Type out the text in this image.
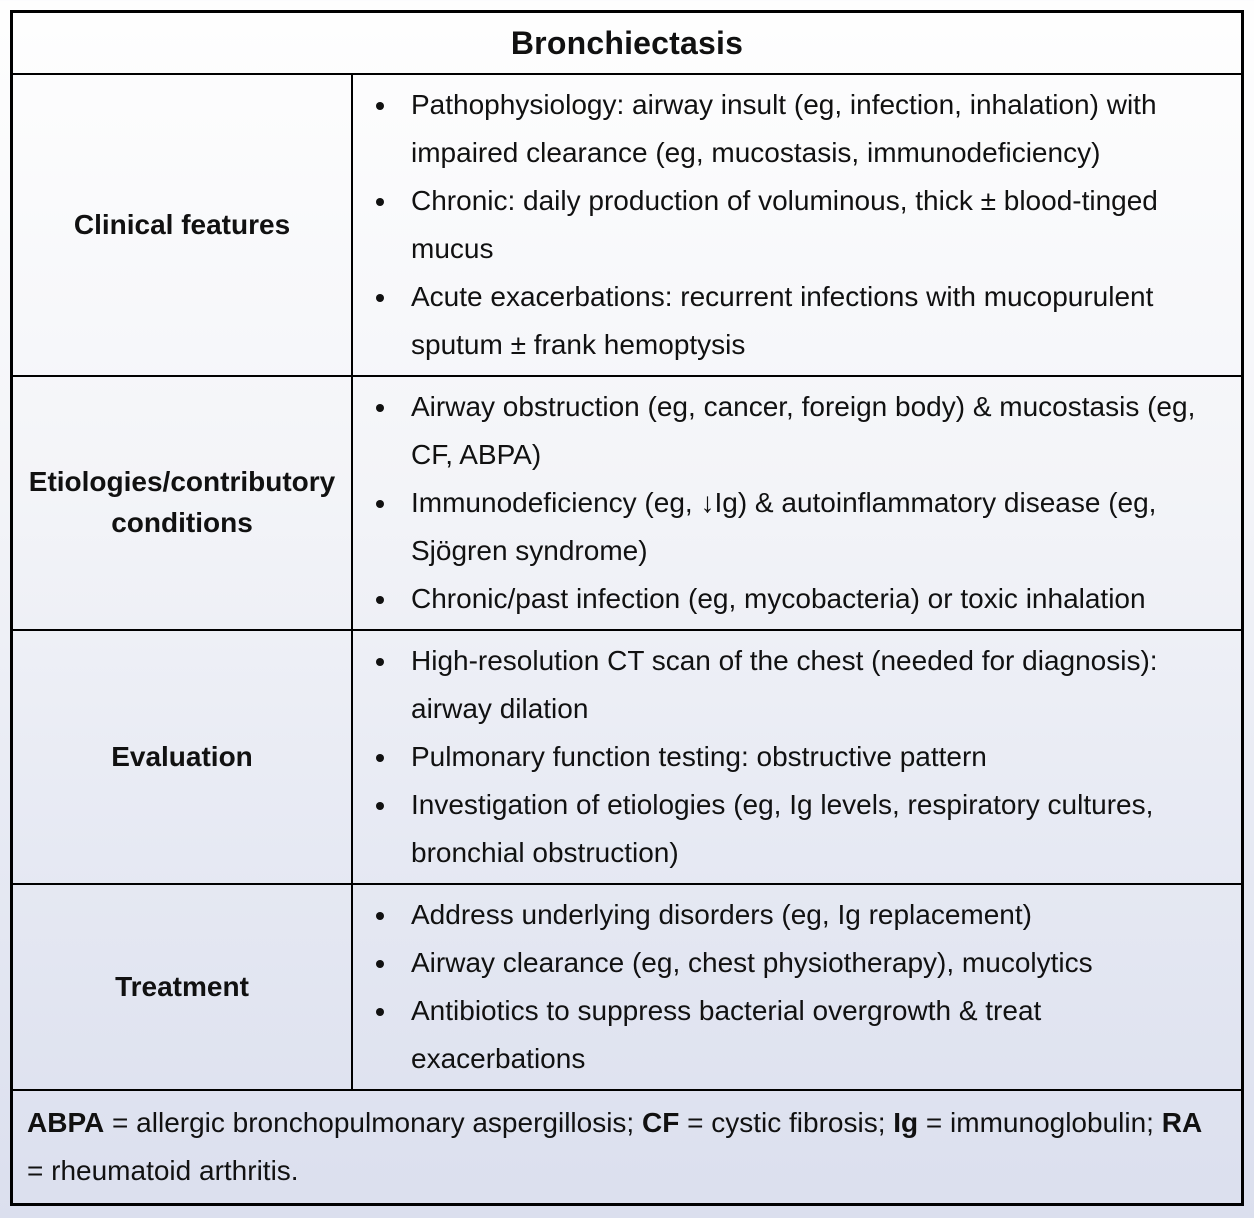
Bronchiectasis
Clinical features
• Pathophysiology: airway insult (eg, infection, inhalation) with impaired clearance (eg, mucostasis, immunodeficiency)
• Chronic: daily production of voluminous, thick ± blood-tinged mucus
• Acute exacerbations: recurrent infections with mucopurulent sputum ± frank hemoptysis
Etiologies/contributory conditions
• Airway obstruction (eg, cancer, foreign body) & mucostasis (eg, CF, ABPA)
• Immunodeficiency (eg, ↓Ig) & autoinflammatory disease (eg, Sjögren syndrome)
• Chronic/past infection (eg, mycobacteria) or toxic inhalation
Evaluation
• High-resolution CT scan of the chest (needed for diagnosis): airway dilation
• Pulmonary function testing: obstructive pattern
• Investigation of etiologies (eg, Ig levels, respiratory cultures, bronchial obstruction)
Treatment
• Address underlying disorders (eg, Ig replacement)
• Airway clearance (eg, chest physiotherapy), mucolytics
• Antibiotics to suppress bacterial overgrowth & treat exacerbations
ABPA = allergic bronchopulmonary aspergillosis; CF = cystic fibrosis; Ig = immunoglobulin; RA = rheumatoid arthritis.
